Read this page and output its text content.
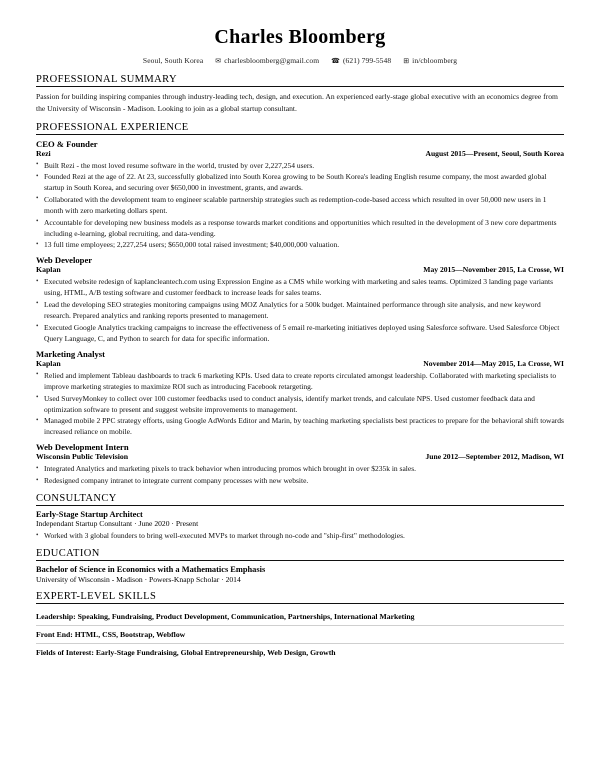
Charles Bloomberg
Seoul, South Korea ✉ charlesbloomberg@gmail.com ☎ (621) 799-5548 ⊞ in/cbloomberg
PROFESSIONAL SUMMARY
Passion for building inspiring companies through industry-leading tech, design, and execution. An experienced early-stage global executive with an economics degree from the University of Wisconsin - Madison. Looking to join as a global startup consultant.
PROFESSIONAL EXPERIENCE
CEO & Founder
Rezi	August 2015—Present, Seoul, South Korea
• Built Rezi - the most loved resume software in the world, trusted by over 2,227,254 users.
• Founded Rezi at the age of 22. At 23, successfully globalized into South Korea growing to be South Korea's leading English resume company, the most awarded global startup in South Korea, and securing over $650,000 in investment, grants, and awards.
• Collaborated with the development team to engineer scalable partnership strategies such as redemption-code-based access which resulted in over 50,000 new users in 1 month with zero marketing dollars spent.
• Accountable for developing new business models as a response towards market conditions and opportunities which resulted in the development of 3 new core departments including e-learning, global recruiting, and data-vending.
• 13 full time employees; 2,227,254 users; $650,000 total raised investment; $40,000,000 valuation.
Web Developer
Kaplan	May 2015—November 2015, La Crosse, WI
• Executed website redesign of kaplancleantech.com using Expression Engine as a CMS while working with marketing and sales teams. Optimized 3 landing page variants using, HTML, A/B testing software and customer feedback to increase leads for sales teams.
• Lead the developing SEO strategies monitoring campaigns using MOZ Analytics for a 500k budget. Maintained performance through site analysis, and new keyword research. Prepared analytics and ranking reports presented to management.
• Executed Google Analytics tracking campaigns to increase the effectiveness of 5 email re-marketing initiatives deployed using Salesforce software. Used Salesforce Object Query Language, C, and Python to search for data for specific information.
Marketing Analyst
Kaplan	November 2014—May 2015, La Crosse, WI
• Relied and implement Tableau dashboards to track 6 marketing KPIs. Used data to create reports circulated amongst leadership. Collaborated with marketing specialists to improve marketing strategies to maximize ROI such as introducing Facebook retargeting.
• Used SurveyMonkey to collect over 100 customer feedbacks used to conduct analysis, identify market trends, and calculate NPS. Used customer feedback data and optimization software to present and suggest website improvements to management.
• Managed mobile 2 PPC strategy efforts, using Google AdWords Editor and Marin, by teaching marketing specialists best practices to prepare for the behavioral shift towards increased reliance on mobile.
Web Development Intern
Wisconsin Public Television	June 2012—September 2012, Madison, WI
• Integrated Analytics and marketing pixels to track behavior when introducing promos which brought in over $235k in sales.
• Redesigned company intranet to integrate current company processes with new website.
CONSULTANCY
Early-Stage Startup Architect
Independant Startup Consultant · June 2020 · Present
• Worked with 3 global founders to bring well-executed MVPs to market through no-code and "ship-first" methodologies.
EDUCATION
Bachelor of Science in Economics with a Mathematics Emphasis
University of Wisconsin - Madison · Powers-Knapp Scholar · 2014
EXPERT-LEVEL SKILLS
Leadership: Speaking, Fundraising, Product Development, Communication, Partnerships, International Marketing
Front End: HTML, CSS, Bootstrap, Webflow
Fields of Interest: Early-Stage Fundraising, Global Entrepreneurship, Web Design, Growth
